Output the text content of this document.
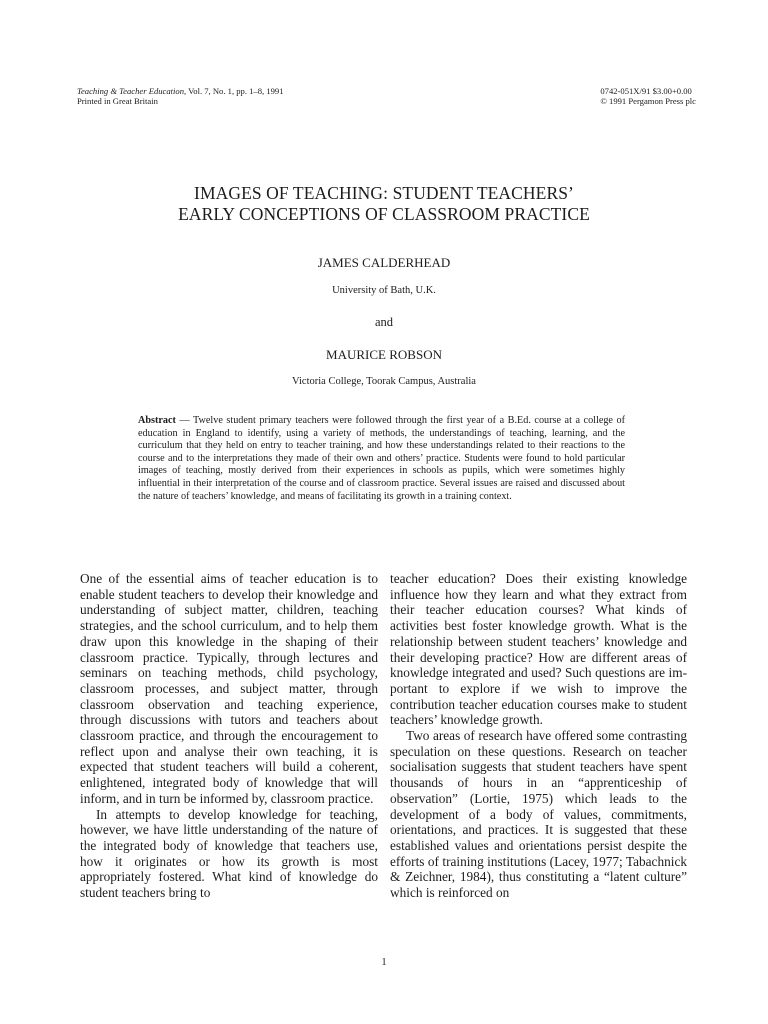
Teaching & Teacher Education, Vol. 7, No. 1, pp. 1–8, 1991
Printed in Great Britain
0742-051X/91 $3.00+0.00
© 1991 Pergamon Press plc
IMAGES OF TEACHING: STUDENT TEACHERS’
EARLY CONCEPTIONS OF CLASSROOM PRACTICE
JAMES CALDERHEAD
University of Bath, U.K.
and
MAURICE ROBSON
Victoria College, Toorak Campus, Australia
Abstract — Twelve student primary teachers were followed through the first year of a B.Ed. course at a college of education in England to identify, using a variety of methods, the understandings of teaching, learning, and the curriculum that they held on entry to teacher training, and how these understandings related to their reactions to the course and to the interpretations they made of their own and others’ practice. Students were found to hold particular images of teaching, mostly derived from their experiences in schools as pupils, which were sometimes highly influential in their interpretation of the course and of classroom practice. Several issues are raised and discussed about the nature of teachers’ knowledge, and means of facilitating its growth in a training context.

One of the essential aims of teacher education is to enable student teachers to develop their knowledge and understanding of subject matter, children, teaching strategies, and the school curriculum, and to help them draw upon this knowledge in the shaping of their classroom practice. Typically, through lectures and seminars on teaching methods, child psychology, classroom processes, and subject matter, through classroom observation and teaching experience, through discussions with tutors and teachers about classroom practice, and through the encouragement to reflect upon and analyse their own teaching, it is expected that student teachers will build a coherent, enlightened, integrated body of knowledge that will inform, and in turn be informed by, classroom practice.

In attempts to develop knowledge for teaching, however, we have little understanding of the nature of the integrated body of knowledge that teachers use, how it originates or how its growth is most appropriately fostered. What kind of knowledge do student teachers bring to

teacher education? Does their existing knowledge influence how they learn and what they extract from their teacher education courses? What kinds of activities best foster knowledge growth. What is the relationship between student teachers’ knowledge and their developing practice? How are different areas of knowledge integrated and used? Such questions are important to explore if we wish to improve the contribution teacher education courses make to student teachers’ knowledge growth.

Two areas of research have offered some contrasting speculation on these questions. Research on teacher socialisation suggests that student teachers have spent thousands of hours in an “apprenticeship of observation” (Lortie, 1975) which leads to the development of a body of values, commitments, orientations, and practices. It is suggested that these established values and orientations persist despite the efforts of training institutions (Lacey, 1977; Tabachnick & Zeichner, 1984), thus constituting a “latent culture” which is reinforced on

1
